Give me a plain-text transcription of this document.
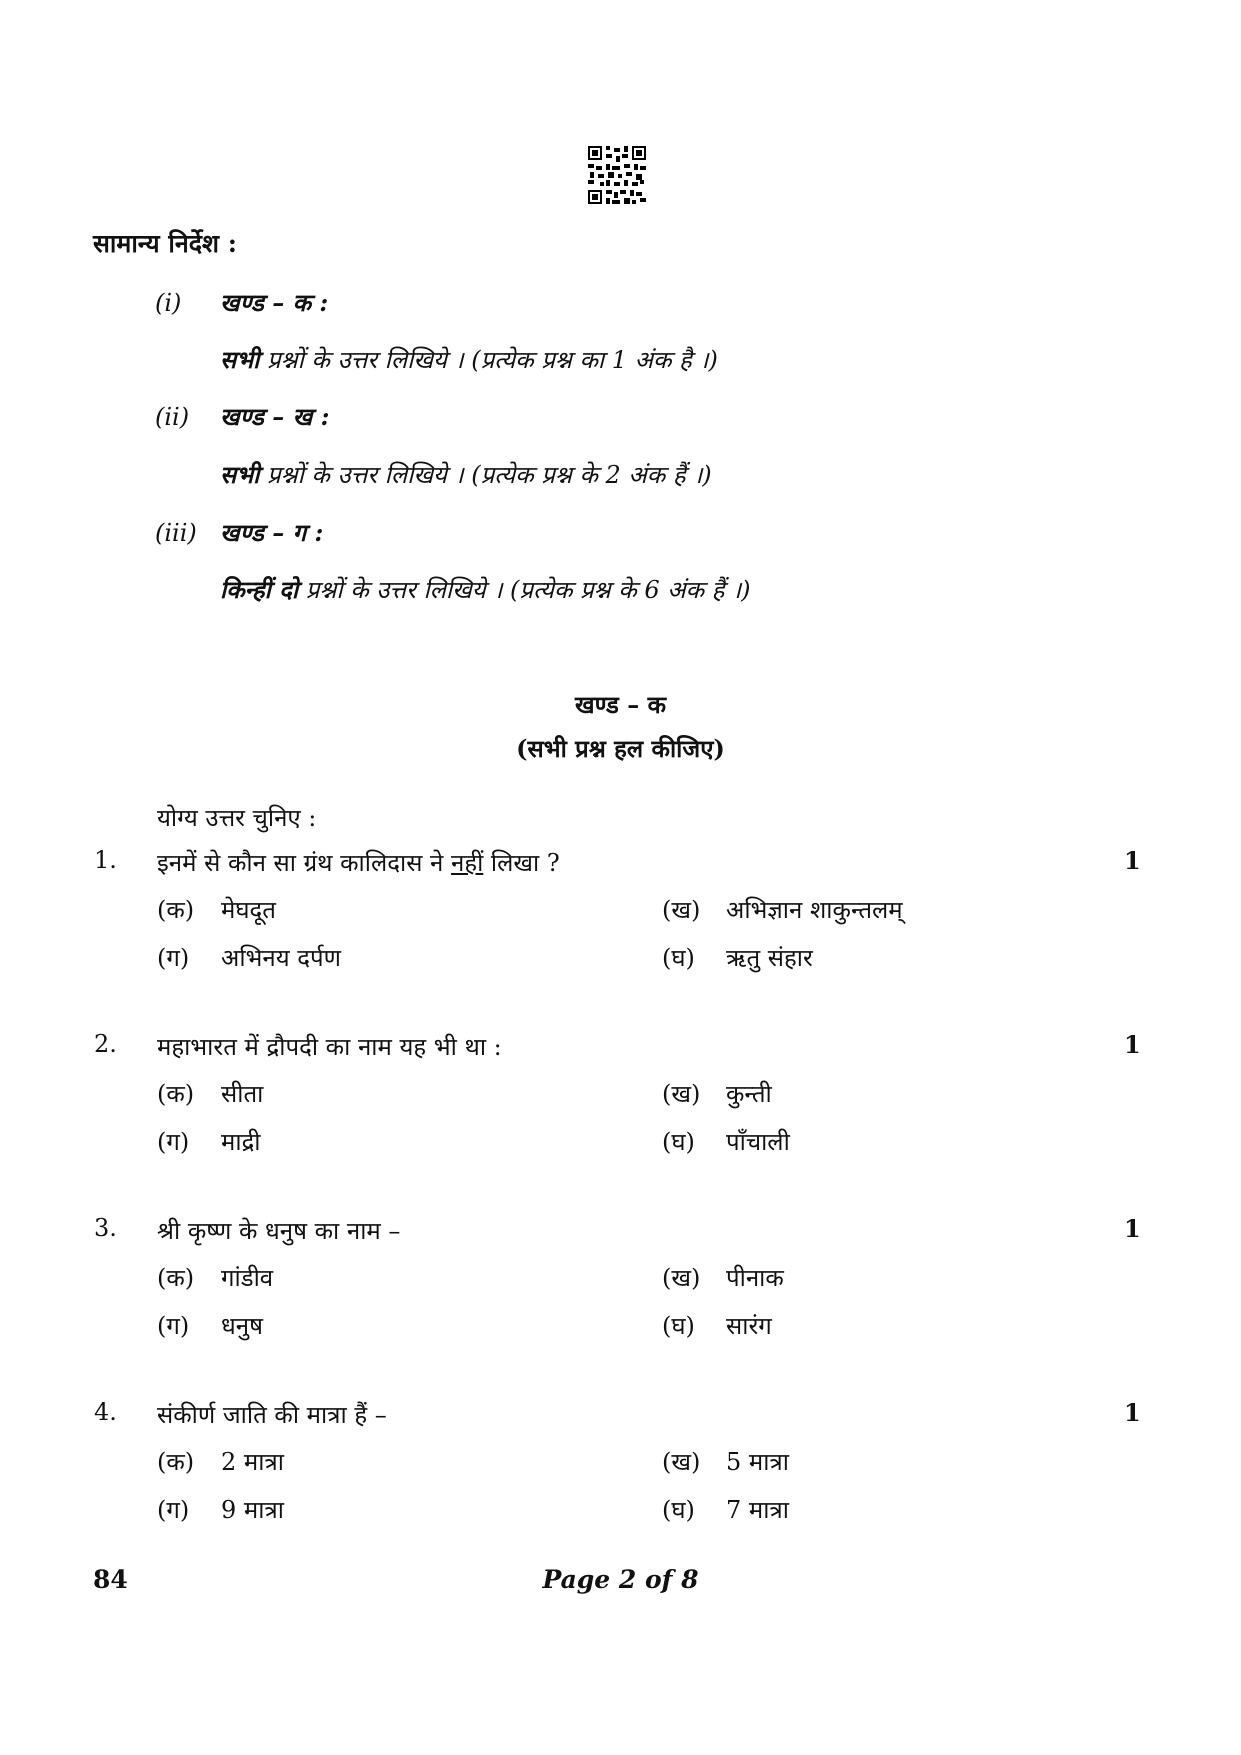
सामान्य निर्देश :
(i) खण्ड – क :
सभी प्रश्नों के उत्तर लिखिये । (प्रत्येक प्रश्न का 1 अंक है ।)
(ii) खण्ड – ख :
सभी प्रश्नों के उत्तर लिखिये । (प्रत्येक प्रश्न के 2 अंक हैं ।)
(iii) खण्ड – ग :
किन्हीं दो प्रश्नों के उत्तर लिखिये । (प्रत्येक प्रश्न के 6 अंक हैं ।)
खण्ड – क
(सभी प्रश्न हल कीजिए)
योग्य उत्तर चुनिए :
1. इनमें से कौन सा ग्रंथ कालिदास ने नहीं लिखा ?	1
(क) मेघदूत	(ख) अभिज्ञान शाकुन्तलम्
(ग) अभिनय दर्पण	(घ) ऋतु संहार
2. महाभारत में द्रौपदी का नाम यह भी था :	1
(क) सीता	(ख) कुन्ती
(ग) माद्री	(घ) पाँचाली
3. श्री कृष्ण के धनुष का नाम –	1
(क) गांडीव	(ख) पीनाक
(ग) धनुष	(घ) सारंग
4. संकीर्ण जाति की मात्रा हैं –	1
(क) 2 मात्रा	(ख) 5 मात्रा
(ग) 9 मात्रा	(घ) 7 मात्रा
84	Page 2 of 8
